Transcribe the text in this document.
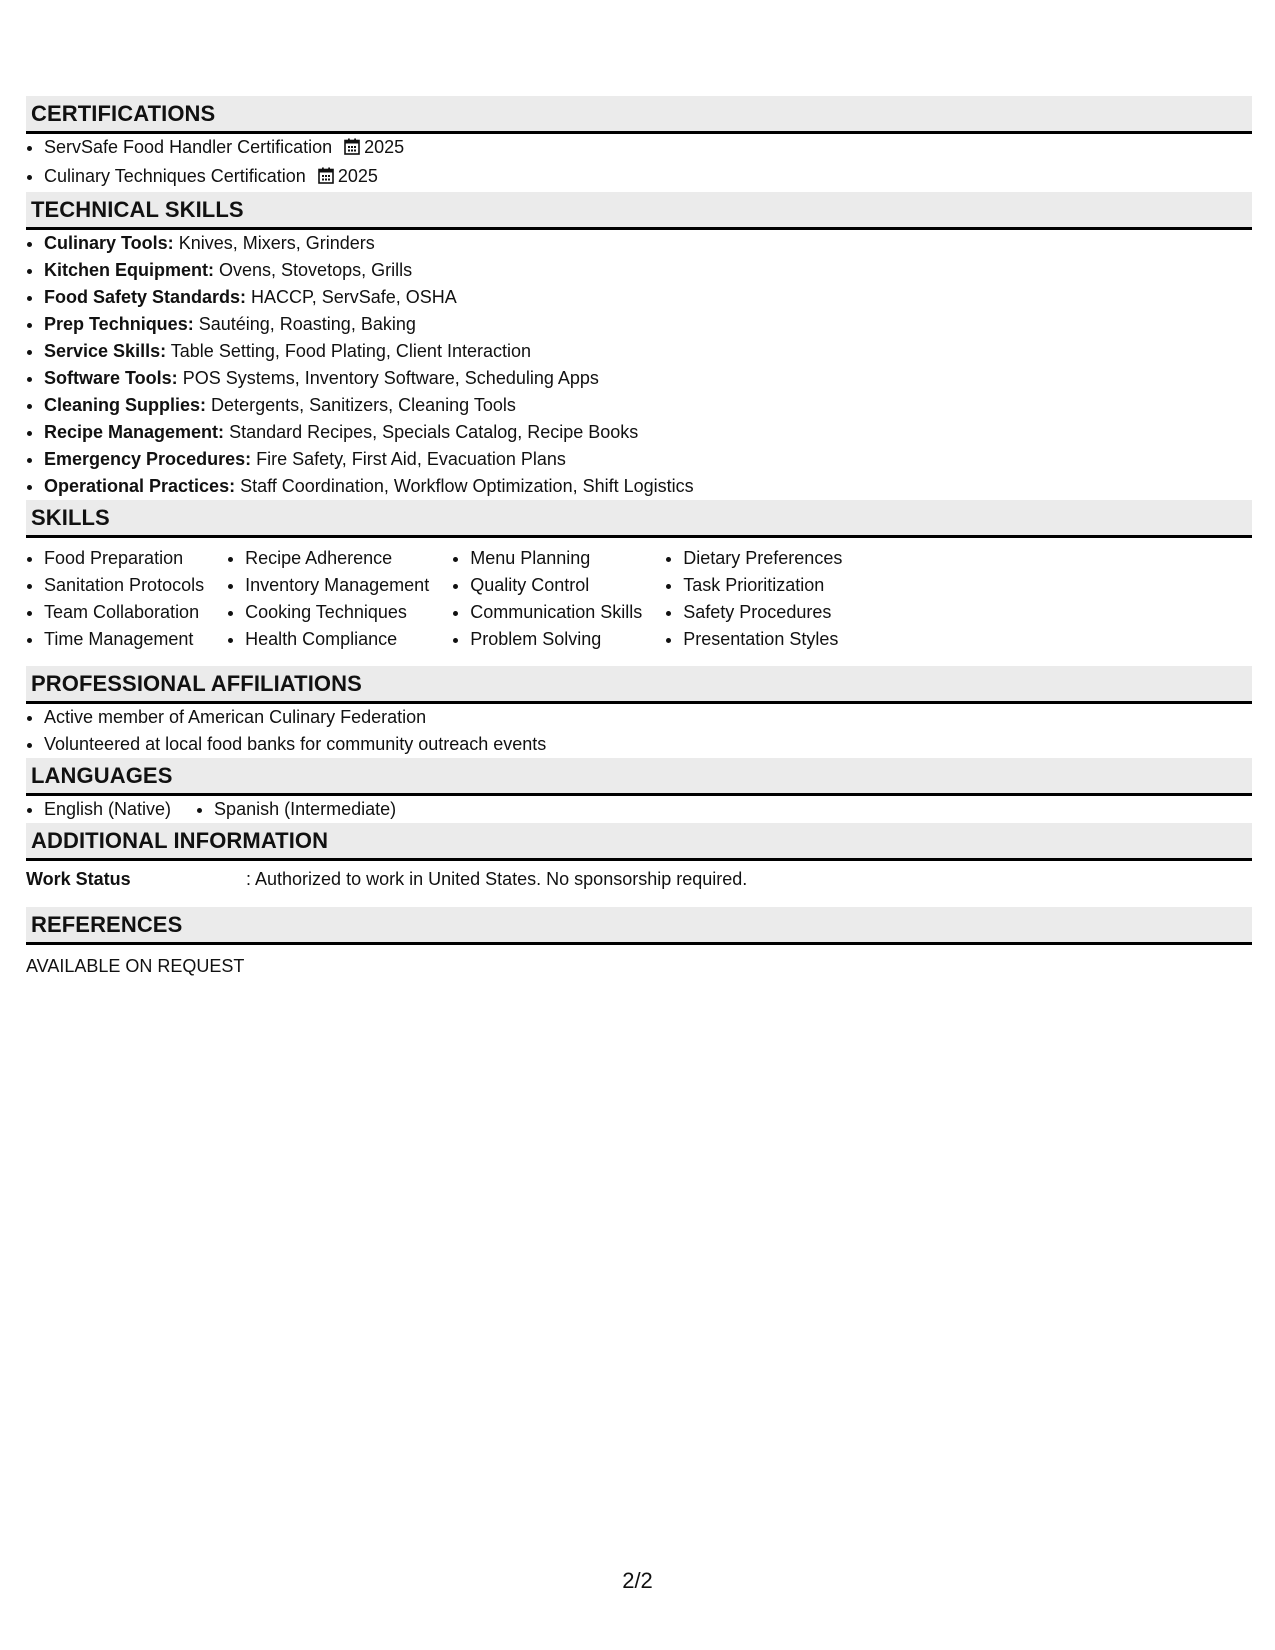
CERTIFICATIONS
ServSafe Food Handler Certification 2025
Culinary Techniques Certification 2025
TECHNICAL SKILLS
Culinary Tools: Knives, Mixers, Grinders
Kitchen Equipment: Ovens, Stovetops, Grills
Food Safety Standards: HACCP, ServSafe, OSHA
Prep Techniques: Sautéing, Roasting, Baking
Service Skills: Table Setting, Food Plating, Client Interaction
Software Tools: POS Systems, Inventory Software, Scheduling Apps
Cleaning Supplies: Detergents, Sanitizers, Cleaning Tools
Recipe Management: Standard Recipes, Specials Catalog, Recipe Books
Emergency Procedures: Fire Safety, First Aid, Evacuation Plans
Operational Practices: Staff Coordination, Workflow Optimization, Shift Logistics
SKILLS
Food Preparation
Sanitation Protocols
Team Collaboration
Time Management
Recipe Adherence
Inventory Management
Cooking Techniques
Health Compliance
Menu Planning
Quality Control
Communication Skills
Problem Solving
Dietary Preferences
Task Prioritization
Safety Procedures
Presentation Styles
PROFESSIONAL AFFILIATIONS
Active member of American Culinary Federation
Volunteered at local food banks for community outreach events
LANGUAGES
English (Native)	Spanish (Intermediate)
ADDITIONAL INFORMATION
Work Status	: Authorized to work in United States. No sponsorship required.
REFERENCES
AVAILABLE ON REQUEST
2/2
